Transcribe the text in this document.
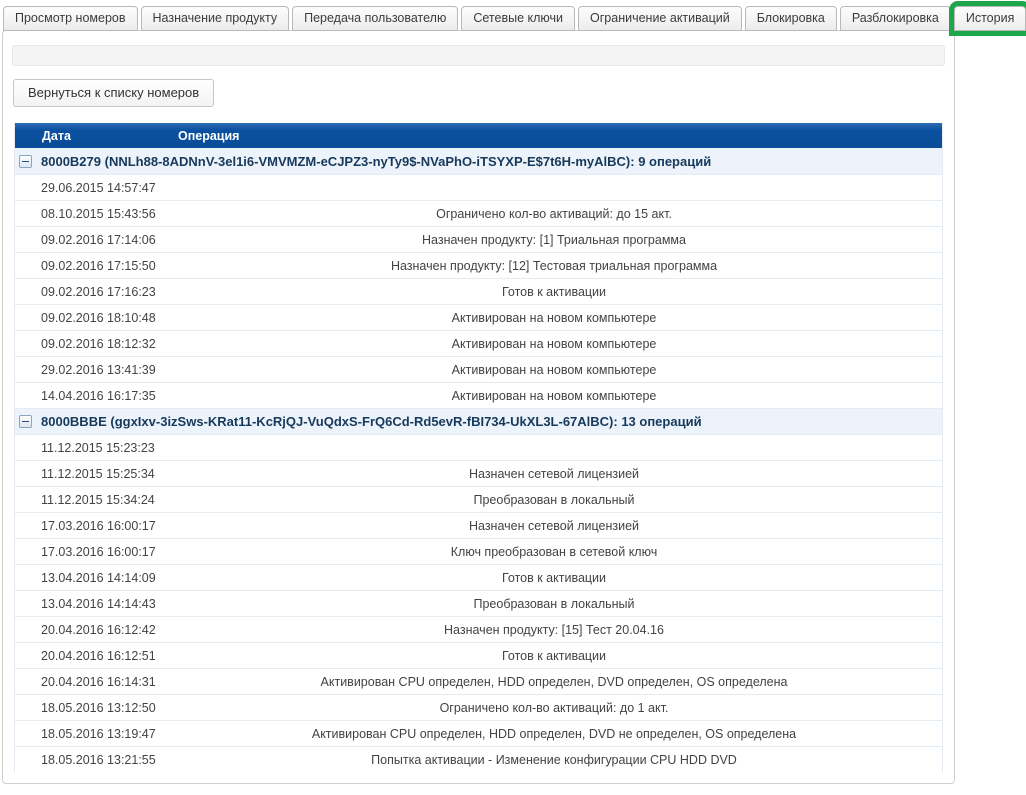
Просмотр номеров	Назначение продукту	Передача пользователю	Сетевые ключи	Ограничение активаций	Блокировка	Разблокировка	История
Вернуться к списку номеров
Дата	Операция
8000B279 (NNLh88-8ADNnV-3el1i6-VMVMZM-eCJPZ3-nyTy9$-NVaPhO-iTSYXP-E$7t6H-myAlBC): 9 операций
29.06.2015 14:57:47
08.10.2015 15:43:56	Ограничено кол-во активаций: до 15 акт.
09.02.2016 17:14:06	Назначен продукту: [1] Триальная программа
09.02.2016 17:15:50	Назначен продукту: [12] Тестовая триальная программа
09.02.2016 17:16:23	Готов к активации
09.02.2016 18:10:48	Активирован на новом компьютере
09.02.2016 18:12:32	Активирован на новом компьютере
29.02.2016 13:41:39	Активирован на новом компьютере
14.04.2016 16:17:35	Активирован на новом компьютере
8000BBBE (ggxIxv-3izSws-KRat11-KcRjQJ-VuQdxS-FrQ6Cd-Rd5evR-fBI734-UkXL3L-67AlBC): 13 операций
11.12.2015 15:23:23
11.12.2015 15:25:34	Назначен сетевой лицензией
11.12.2015 15:34:24	Преобразован в локальный
17.03.2016 16:00:17	Назначен сетевой лицензией
17.03.2016 16:00:17	Ключ преобразован в сетевой ключ
13.04.2016 14:14:09	Готов к активации
13.04.2016 14:14:43	Преобразован в локальный
20.04.2016 16:12:42	Назначен продукту: [15] Тест 20.04.16
20.04.2016 16:12:51	Готов к активации
20.04.2016 16:14:31	Активирован CPU определен, HDD определен, DVD определен, OS определена
18.05.2016 13:12:50	Ограничено кол-во активаций: до 1 акт.
18.05.2016 13:19:47	Активирован CPU определен, HDD определен, DVD не определен, OS определена
18.05.2016 13:21:55	Попытка активации - Изменение конфигурации CPU HDD DVD
